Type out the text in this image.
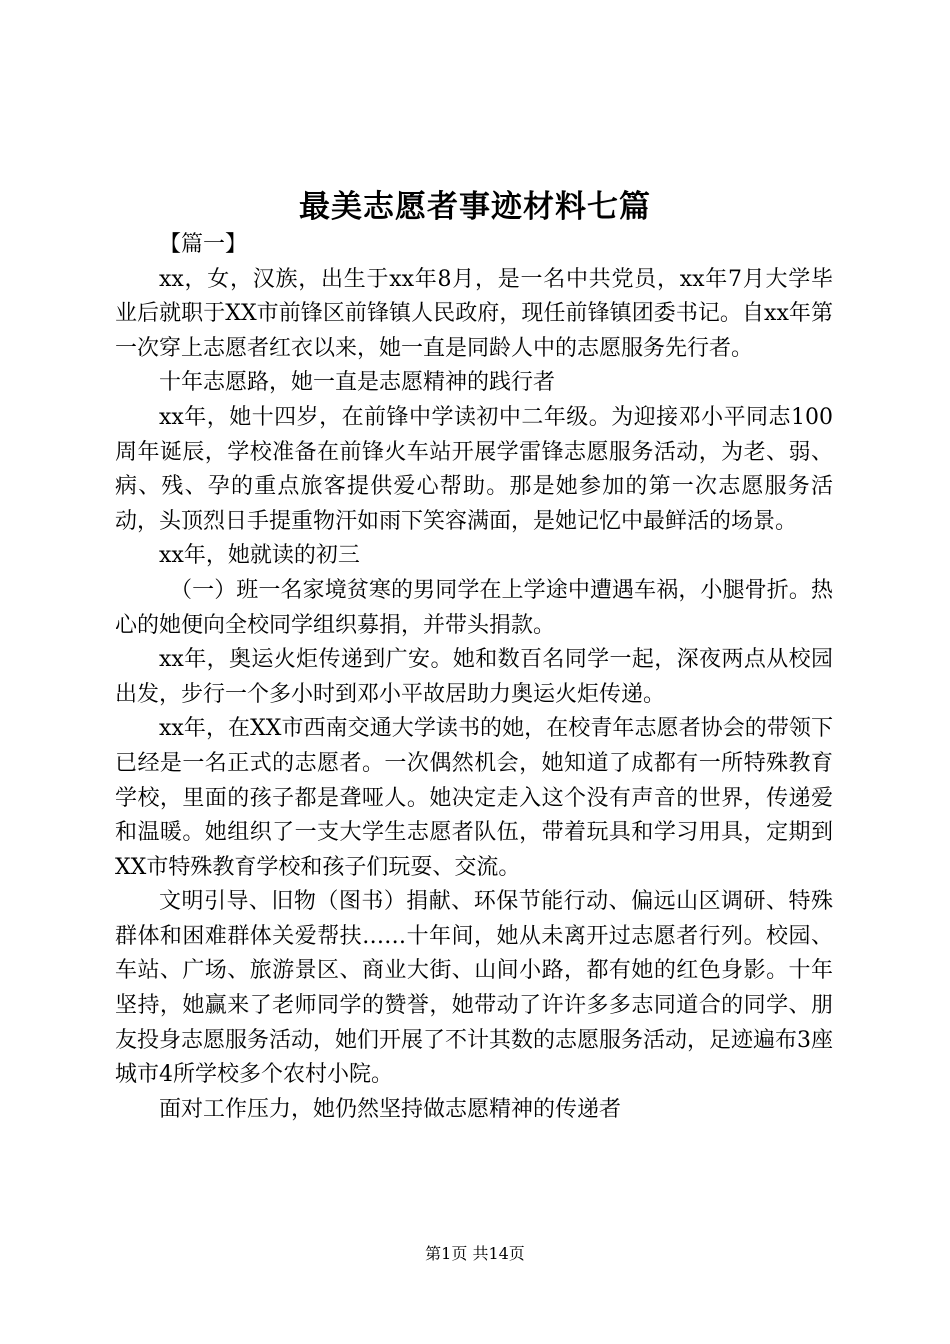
最美志愿者事迹材料七篇

【篇一】

xx，女，汉族，出生于xx年8月，是一名中共党员，xx年7月大学毕业后就职于XX市前锋区前锋镇人民政府，现任前锋镇团委书记。自xx年第一次穿上志愿者红衣以来，她一直是同龄人中的志愿服务先行者。

十年志愿路，她一直是志愿精神的践行者

xx年，她十四岁，在前锋中学读初中二年级。为迎接邓小平同志100周年诞辰，学校准备在前锋火车站开展学雷锋志愿服务活动，为老、弱、病、残、孕的重点旅客提供爱心帮助。那是她参加的第一次志愿服务活动，头顶烈日手提重物汗如雨下笑容满面，是她记忆中最鲜活的场景。

xx年，她就读的初三

（一）班一名家境贫寒的男同学在上学途中遭遇车祸，小腿骨折。热心的她便向全校同学组织募捐，并带头捐款。

xx年，奥运火炬传递到广安。她和数百名同学一起，深夜两点从校园出发，步行一个多小时到邓小平故居助力奥运火炬传递。

xx年，在XX市西南交通大学读书的她，在校青年志愿者协会的带领下已经是一名正式的志愿者。一次偶然机会，她知道了成都有一所特殊教育学校，里面的孩子都是聋哑人。她决定走入这个没有声音的世界，传递爱和温暖。她组织了一支大学生志愿者队伍，带着玩具和学习用具，定期到XX市特殊教育学校和孩子们玩耍、交流。

文明引导、旧物（图书）捐献、环保节能行动、偏远山区调研、特殊群体和困难群体关爱帮扶……十年间，她从未离开过志愿者行列。校园、车站、广场、旅游景区、商业大街、山间小路，都有她的红色身影。十年坚持，她赢来了老师同学的赞誉，她带动了许许多多志同道合的同学、朋友投身志愿服务活动，她们开展了不计其数的志愿服务活动，足迹遍布3座城市4所学校多个农村小院。

面对工作压力，她仍然坚持做志愿精神的传递者

第1页 共14页
